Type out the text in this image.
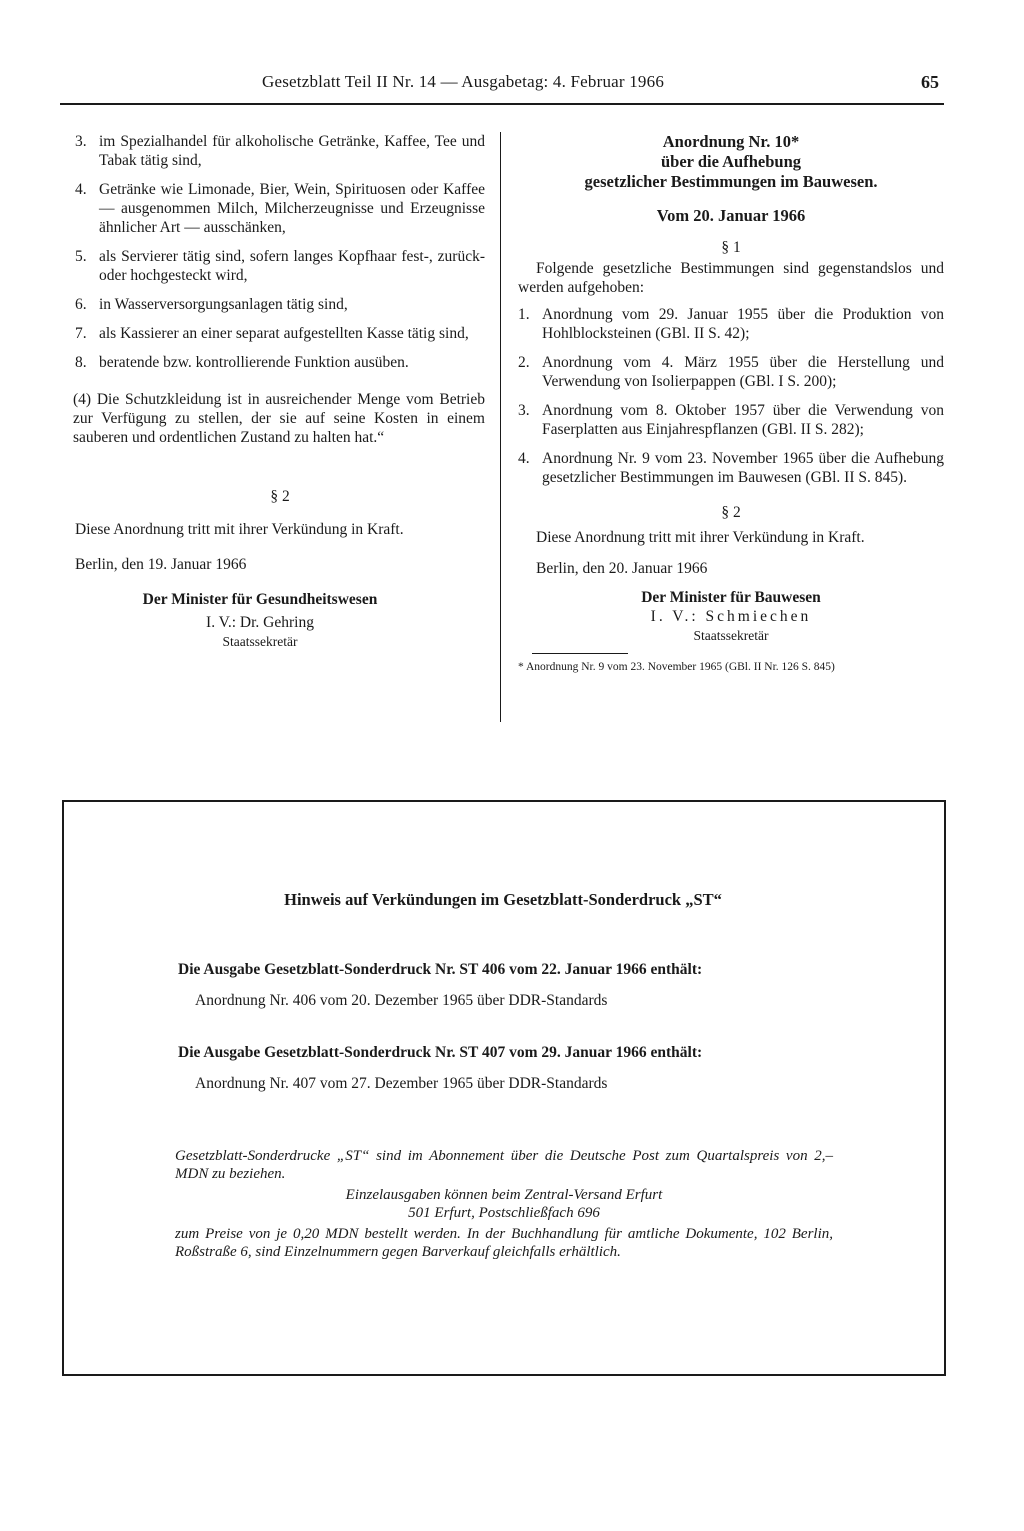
Gesetzblatt Teil II Nr. 14 — Ausgabetag: 4. Februar 1966	65
3. im Spezialhandel für alkoholische Getränke, Kaffee, Tee und Tabak tätig sind,
4. Getränke wie Limonade, Bier, Wein, Spirituosen oder Kaffee — ausgenommen Milch, Milcherzeugnisse und Erzeugnisse ähnlicher Art — ausschänken,
5. als Servierer tätig sind, sofern langes Kopfhaar fest-, zurück- oder hochgesteckt wird,
6. in Wasserversorgungsanlagen tätig sind,
7. als Kassierer an einer separat aufgestellten Kasse tätig sind,
8. beratende bzw. kontrollierende Funktion ausüben.

(4) Die Schutzkleidung ist in ausreichender Menge vom Betrieb zur Verfügung zu stellen, der sie auf seine Kosten in einem sauberen und ordentlichen Zustand zu halten hat.“

§ 2

Diese Anordnung tritt mit ihrer Verkündung in Kraft.

Berlin, den 19. Januar 1966

Der Minister für Gesundheitswesen
I. V.: Dr. Gehring
Staatssekretär
Anordnung Nr. 10*
über die Aufhebung
gesetzlicher Bestimmungen im Bauwesen.
Vom 20. Januar 1966

§ 1

Folgende gesetzliche Bestimmungen sind gegenstandslos und werden aufgehoben:

1. Anordnung vom 29. Januar 1955 über die Produktion von Hohlblocksteinen (GBl. II S. 42);
2. Anordnung vom 4. März 1955 über die Herstellung und Verwendung von Isolierpappen (GBl. I S. 200);
3. Anordnung vom 8. Oktober 1957 über die Verwendung von Faserplatten aus Einjahrespflanzen (GBl. II S. 282);
4. Anordnung Nr. 9 vom 23. November 1965 über die Aufhebung gesetzlicher Bestimmungen im Bauwesen (GBl. II S. 845).

§ 2

Diese Anordnung tritt mit ihrer Verkündung in Kraft.

Berlin, den 20. Januar 1966

Der Minister für Bauwesen
I. V.: Schmiechen
Staatssekretär
* Anordnung Nr. 9 vom 23. November 1965 (GBl. II Nr. 126 S. 845)
Hinweis auf Verkündungen im Gesetzblatt-Sonderdruck „ST“
Die Ausgabe Gesetzblatt-Sonderdruck Nr. ST 406 vom 22. Januar 1966 enthält:
Anordnung Nr. 406 vom 20. Dezember 1965 über DDR-Standards
Die Ausgabe Gesetzblatt-Sonderdruck Nr. ST 407 vom 29. Januar 1966 enthält:
Anordnung Nr. 407 vom 27. Dezember 1965 über DDR-Standards

Gesetzblatt-Sonderdrucke „ST“ sind im Abonnement über die Deutsche Post zum Quartalspreis von 2,– MDN zu beziehen.

Einzelausgaben können beim Zentral-Versand Erfurt

501 Erfurt, Postschließfach 696

zum Preise von je 0,20 MDN bestellt werden. In der Buchhandlung für amtliche Dokumente, 102 Berlin, Roßstraße 6, sind Einzelnummern gegen Barverkauf gleichfalls erhältlich.
